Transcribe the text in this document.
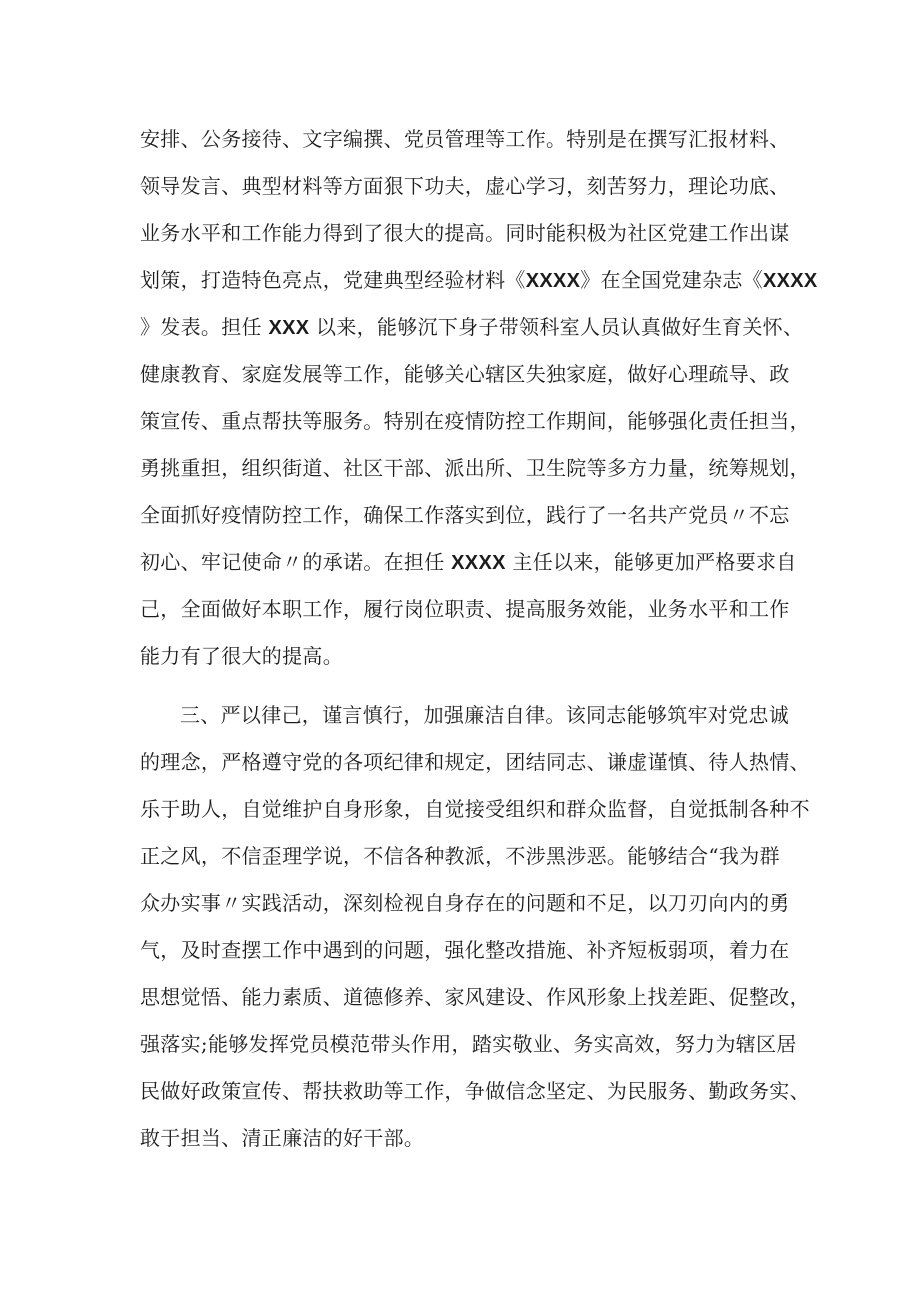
安排、公务接待、文字编撰、党员管理等工作。特别是在撰写汇报材料、
领导发言、典型材料等方面狠下功夫，虚心学习，刻苦努力，理论功底、
业务水平和工作能力得到了很大的提高。同时能积极为社区党建工作出谋
划策，打造特色亮点，党建典型经验材料《XXXX》在全国党建杂志《XXXX
》发表。担任 XXX 以来，能够沉下身子带领科室人员认真做好生育关怀、
健康教育、家庭发展等工作，能够关心辖区失独家庭，做好心理疏导、政
策宣传、重点帮扶等服务。特别在疫情防控工作期间，能够强化责任担当，
勇挑重担，组织街道、社区干部、派出所、卫生院等多方力量，统筹规划，
全面抓好疫情防控工作，确保工作落实到位，践行了一名共产党员〃不忘
初心、牢记使命〃的承诺。在担任 XXXX 主任以来，能够更加严格要求自
己，全面做好本职工作，履行岗位职责、提高服务效能，业务水平和工作
能力有了很大的提高。
三、严以律己，谨言慎行，加强廉洁自律。该同志能够筑牢对党忠诚
的理念，严格遵守党的各项纪律和规定，团结同志、谦虚谨慎、待人热情、
乐于助人，自觉维护自身形象，自觉接受组织和群众监督，自觉抵制各种不
正之风，不信歪理学说，不信各种教派，不涉黑涉恶。能够结合“我为群
众办实事〃实践活动，深刻检视自身存在的问题和不足，以刀刃向内的勇
气，及时查摆工作中遇到的问题，强化整改措施、补齐短板弱项，着力在
思想觉悟、能力素质、道德修养、家风建设、作风形象上找差距、促整改，
强落实;能够发挥党员模范带头作用，踏实敬业、务实高效，努力为辖区居
民做好政策宣传、帮扶救助等工作，争做信念坚定、为民服务、勤政务实、
敢于担当、清正廉洁的好干部。
